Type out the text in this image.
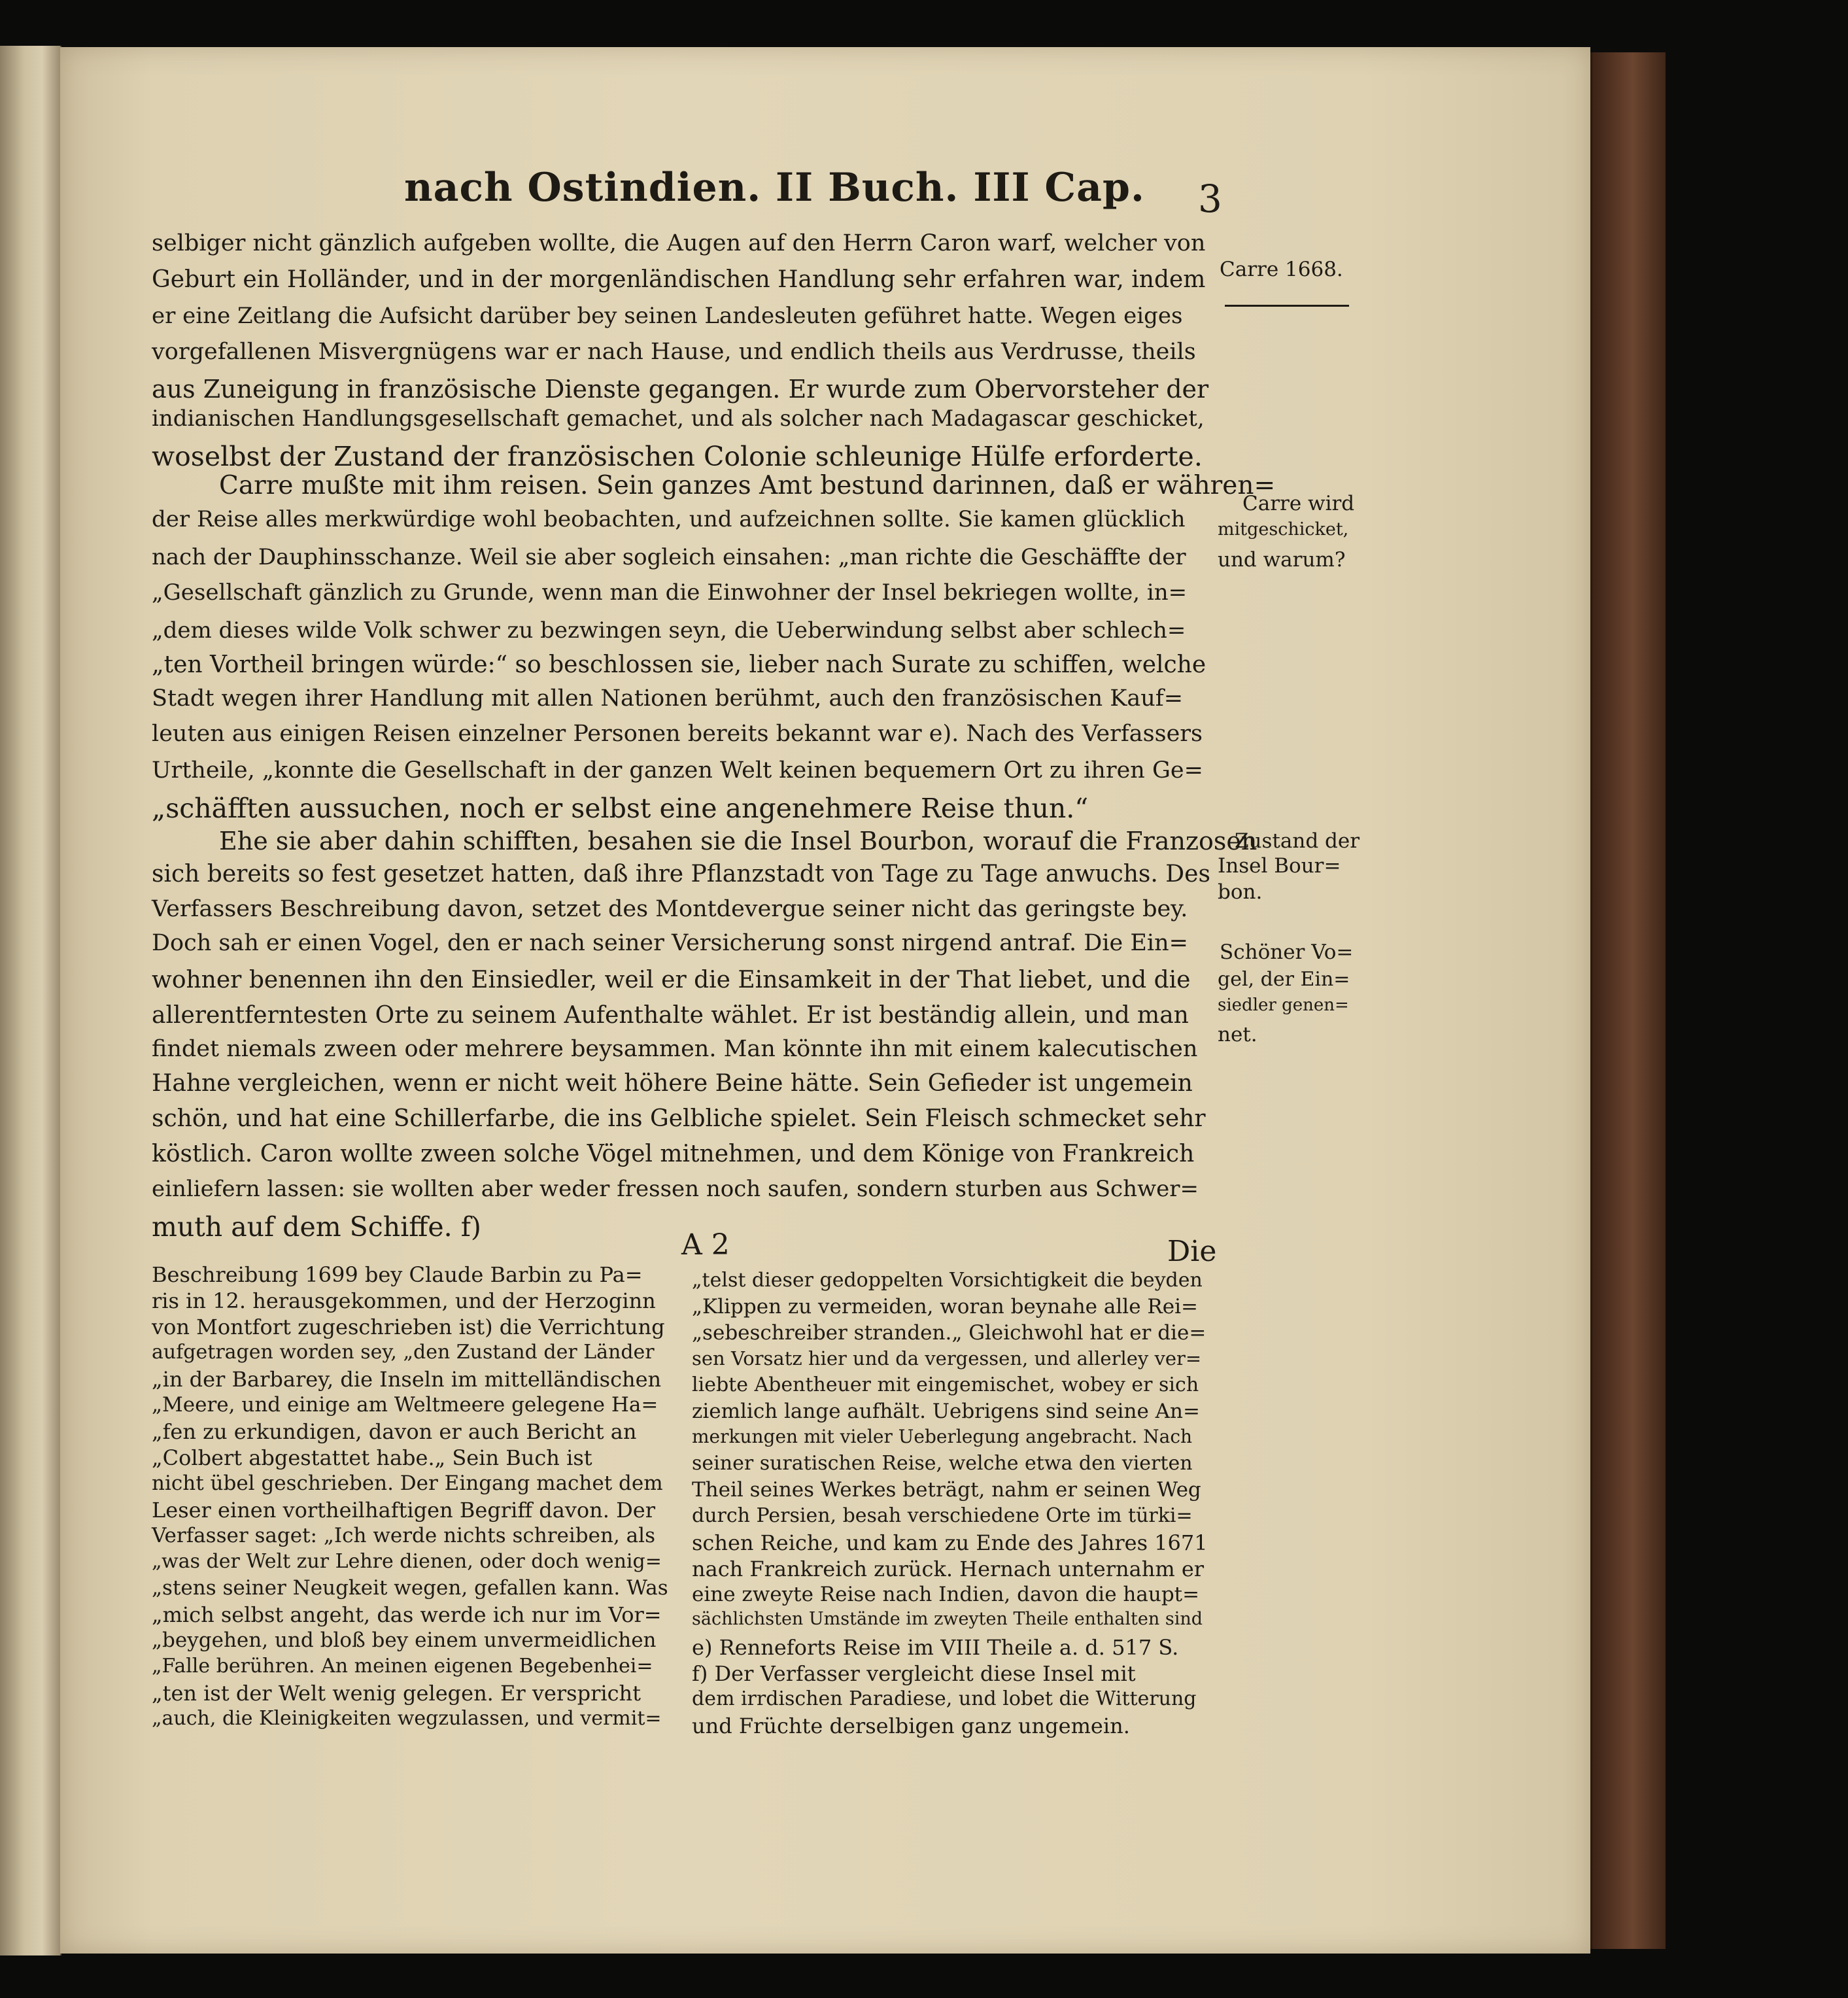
nach Ostindien. II Buch. III Cap. 3
selbiger nicht gänzlich aufgeben wollte, die Augen auf den Herrn Caron warf, welcher von
Geburt ein Holländer, und in der morgenländischen Handlung sehr erfahren war, indem
er eine Zeitlang die Aufsicht darüber bey seinen Landesleuten geführet hatte. Wegen eiges
vorgefallenen Misvergnügens war er nach Hause, und endlich theils aus Verdrusse, theils
aus Zuneigung in französische Dienste gegangen. Er wurde zum Obervorsteher der
indianischen Handlungsgesellschaft gemachet, und als solcher nach Madagascar geschicket,
woselbst der Zustand der französischen Colonie schleunige Hülfe erforderte.
Carre mußte mit ihm reisen. Sein ganzes Amt bestund darinnen, daß er währen=
der Reise alles merkwürdige wohl beobachten, und aufzeichnen sollte. Sie kamen glücklich
nach der Dauphinsschanze. Weil sie aber sogleich einsahen: „man richte die Geschäffte der
„Gesellschaft gänzlich zu Grunde, wenn man die Einwohner der Insel bekriegen wollte, in=
„dem dieses wilde Volk schwer zu bezwingen seyn, die Ueberwindung selbst aber schlech=
„ten Vortheil bringen würde:“ so beschlossen sie, lieber nach Surate zu schiffen, welche
Stadt wegen ihrer Handlung mit allen Nationen berühmt, auch den französischen Kauf=
leuten aus einigen Reisen einzelner Personen bereits bekannt war e). Nach des Verfassers
Urtheile, „konnte die Gesellschaft in der ganzen Welt keinen bequemern Ort zu ihren Ge=
„schäfften aussuchen, noch er selbst eine angenehmere Reise thun.“
Ehe sie aber dahin schifften, besahen sie die Insel Bourbon, worauf die Franzosen
sich bereits so fest gesetzet hatten, daß ihre Pflanzstadt von Tage zu Tage anwuchs. Des
Verfassers Beschreibung davon, setzet des Montdevergue seiner nicht das geringste bey.
Doch sah er einen Vogel, den er nach seiner Versicherung sonst nirgend antraf. Die Ein=
wohner benennen ihn den Einsiedler, weil er die Einsamkeit in der That liebet, und die
allerentferntesten Orte zu seinem Aufenthalte wählet. Er ist beständig allein, und man
findet niemals zween oder mehrere beysammen. Man könnte ihn mit einem kalecutischen
Hahne vergleichen, wenn er nicht weit höhere Beine hätte. Sein Gefieder ist ungemein
schön, und hat eine Schillerfarbe, die ins Gelbliche spielet. Sein Fleisch schmecket sehr
köstlich. Caron wollte zween solche Vögel mitnehmen, und dem Könige von Frankreich
einliefern lassen: sie wollten aber weder fressen noch saufen, sondern sturben aus Schwer=
muth auf dem Schiffe. f)
Carre 1668.
Carre wird
mitgeschicket,
und warum?
Zustand der
Insel Bour=
bon.
Schöner Vo=
gel, der Ein=
siedler genen=
net.
A 2	Die
Beschreibung 1699 bey Claude Barbin zu Pa=
ris in 12. herausgekommen, und der Herzoginn
von Montfort zugeschrieben ist) die Verrichtung
aufgetragen worden sey, „den Zustand der Länder
„in der Barbarey, die Inseln im mittelländischen
„Meere, und einige am Weltmeere gelegene Ha=
„fen zu erkundigen, davon er auch Bericht an
„Colbert abgestattet habe.„ Sein Buch ist
nicht übel geschrieben. Der Eingang machet dem
Leser einen vortheilhaftigen Begriff davon. Der
Verfasser saget: „Ich werde nichts schreiben, als
„was der Welt zur Lehre dienen, oder doch wenig=
„stens seiner Neugkeit wegen, gefallen kann. Was
„mich selbst angeht, das werde ich nur im Vor=
„beygehen, und bloß bey einem unvermeidlichen
„Falle berühren. An meinen eigenen Begebenhei=
„ten ist der Welt wenig gelegen. Er verspricht
„auch, die Kleinigkeiten wegzulassen, und vermit=
„telst dieser gedoppelten Vorsichtigkeit die beyden
„Klippen zu vermeiden, woran beynahe alle Rei=
„sebeschreiber stranden.„ Gleichwohl hat er die=
sen Vorsatz hier und da vergessen, und allerley ver=
liebte Abentheuer mit eingemischet, wobey er sich
ziemlich lange aufhält. Uebrigens sind seine An=
merkungen mit vieler Ueberlegung angebracht. Nach
seiner suratischen Reise, welche etwa den vierten
Theil seines Werkes beträgt, nahm er seinen Weg
durch Persien, besah verschiedene Orte im türki=
schen Reiche, und kam zu Ende des Jahres 1671
nach Frankreich zurück. Hernach unternahm er
eine zweyte Reise nach Indien, davon die haupt=
sächlichsten Umstände im zweyten Theile enthalten sind
e) Renneforts Reise im VIII Theile a. d. 517 S.
f) Der Verfasser vergleicht diese Insel mit
dem irrdischen Paradiese, und lobet die Witterung
und Früchte derselbigen ganz ungemein.
